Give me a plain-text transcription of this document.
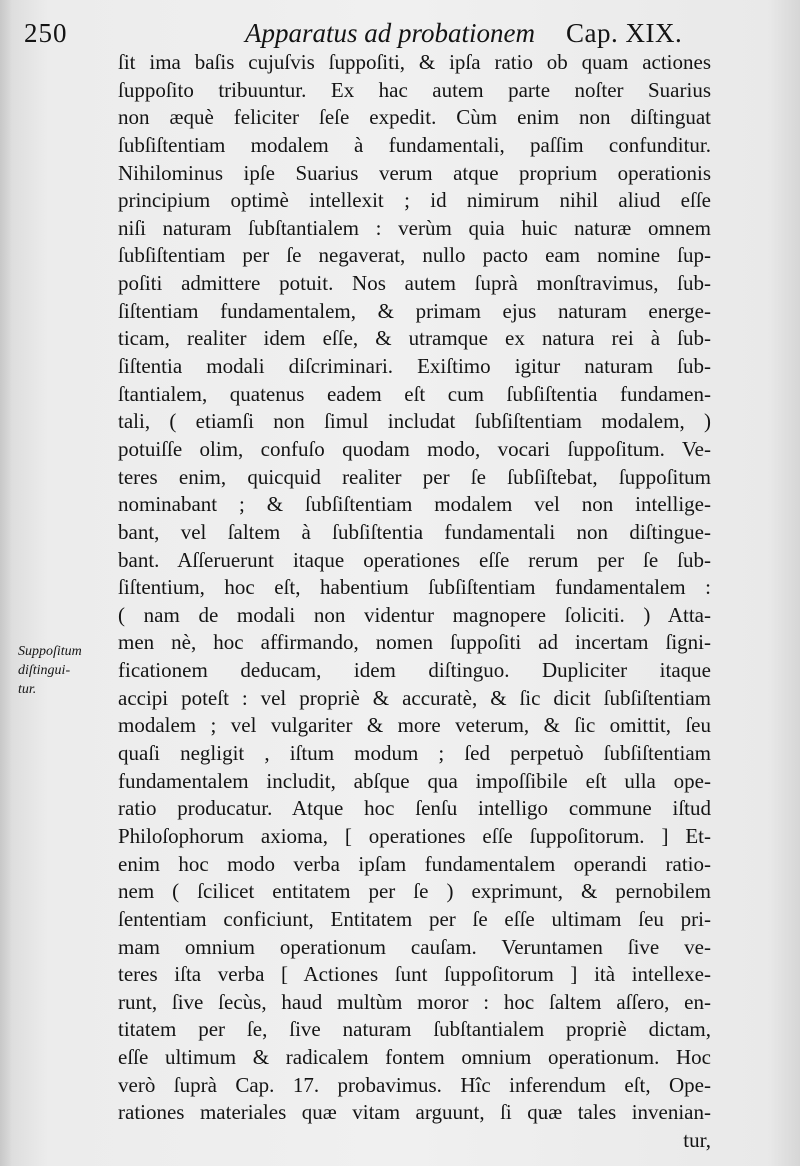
250	Apparatus ad probationem Cap. XIX.
Suppoſitum
diſtingui-
tur.
ſit ima baſis cujuſvis ſuppoſiti, & ipſa ratio ob quam actiones
ſuppoſito tribuuntur. Ex hac autem parte noſter Suarius
non æquè feliciter ſeſe expedit. Cùm enim non diſtinguat
ſubſiſtentiam modalem à fundamentali, paſſim confunditur.
Nihilominus ipſe Suarius verum atque proprium operationis
principium optimè intellexit ; id nimirum nihil aliud eſſe
niſi naturam ſubſtantialem : verùm quia huic naturæ omnem
ſubſiſtentiam per ſe negaverat, nullo pacto eam nomine ſup-
poſiti admittere potuit. Nos autem ſuprà monſtravimus, ſub-
ſiſtentiam fundamentalem, & primam ejus naturam energe-
ticam, realiter idem eſſe, & utramque ex natura rei à ſub-
ſiſtentia modali diſcriminari. Exiſtimo igitur naturam ſub-
ſtantialem, quatenus eadem eſt cum ſubſiſtentia fundamen-
tali, ( etiamſi non ſimul includat ſubſiſtentiam modalem, )
potuiſſe olim, confuſo quodam modo, vocari ſuppoſitum. Ve-
teres enim, quicquid realiter per ſe ſubſiſtebat, ſuppoſitum
nominabant ; & ſubſiſtentiam modalem vel non intellige-
bant, vel ſaltem à ſubſiſtentia fundamentali non diſtingue-
bant. Aſſeruerunt itaque operationes eſſe rerum per ſe ſub-
ſiſtentium, hoc eſt, habentium ſubſiſtentiam fundamentalem :
( nam de modali non videntur magnopere ſoliciti. ) Atta-
men nè, hoc affirmando, nomen ſuppoſiti ad incertam ſigni-
ficationem deducam, idem diſtinguo. Dupliciter itaque
accipi poteſt : vel propriè & accuratè, & ſic dicit ſubſiſtentiam
modalem ; vel vulgariter & more veterum, & ſic omittit, ſeu
quaſi negligit , iſtum modum ; ſed perpetuò ſubſiſtentiam
fundamentalem includit, abſque qua impoſſibile eſt ulla ope-
ratio producatur. Atque hoc ſenſu intelligo commune iſtud
Philoſophorum axioma, [ operationes eſſe ſuppoſitorum. ] Et-
enim hoc modo verba ipſam fundamentalem operandi ratio-
nem ( ſcilicet entitatem per ſe ) exprimunt, & pernobilem
ſententiam conficiunt, Entitatem per ſe eſſe ultimam ſeu pri-
mam omnium operationum cauſam. Veruntamen ſive ve-
teres iſta verba [ Actiones ſunt ſuppoſitorum ] ità intellexe-
runt, ſive ſecùs, haud multùm moror : hoc ſaltem aſſero, en-
titatem per ſe, ſive naturam ſubſtantialem propriè dictam,
eſſe ultimum & radicalem fontem omnium operationum. Hoc
verò ſuprà Cap. 17. probavimus. Hîc inferendum eſt, Ope-
rationes materiales quæ vitam arguunt, ſi quæ tales invenian-
tur,
